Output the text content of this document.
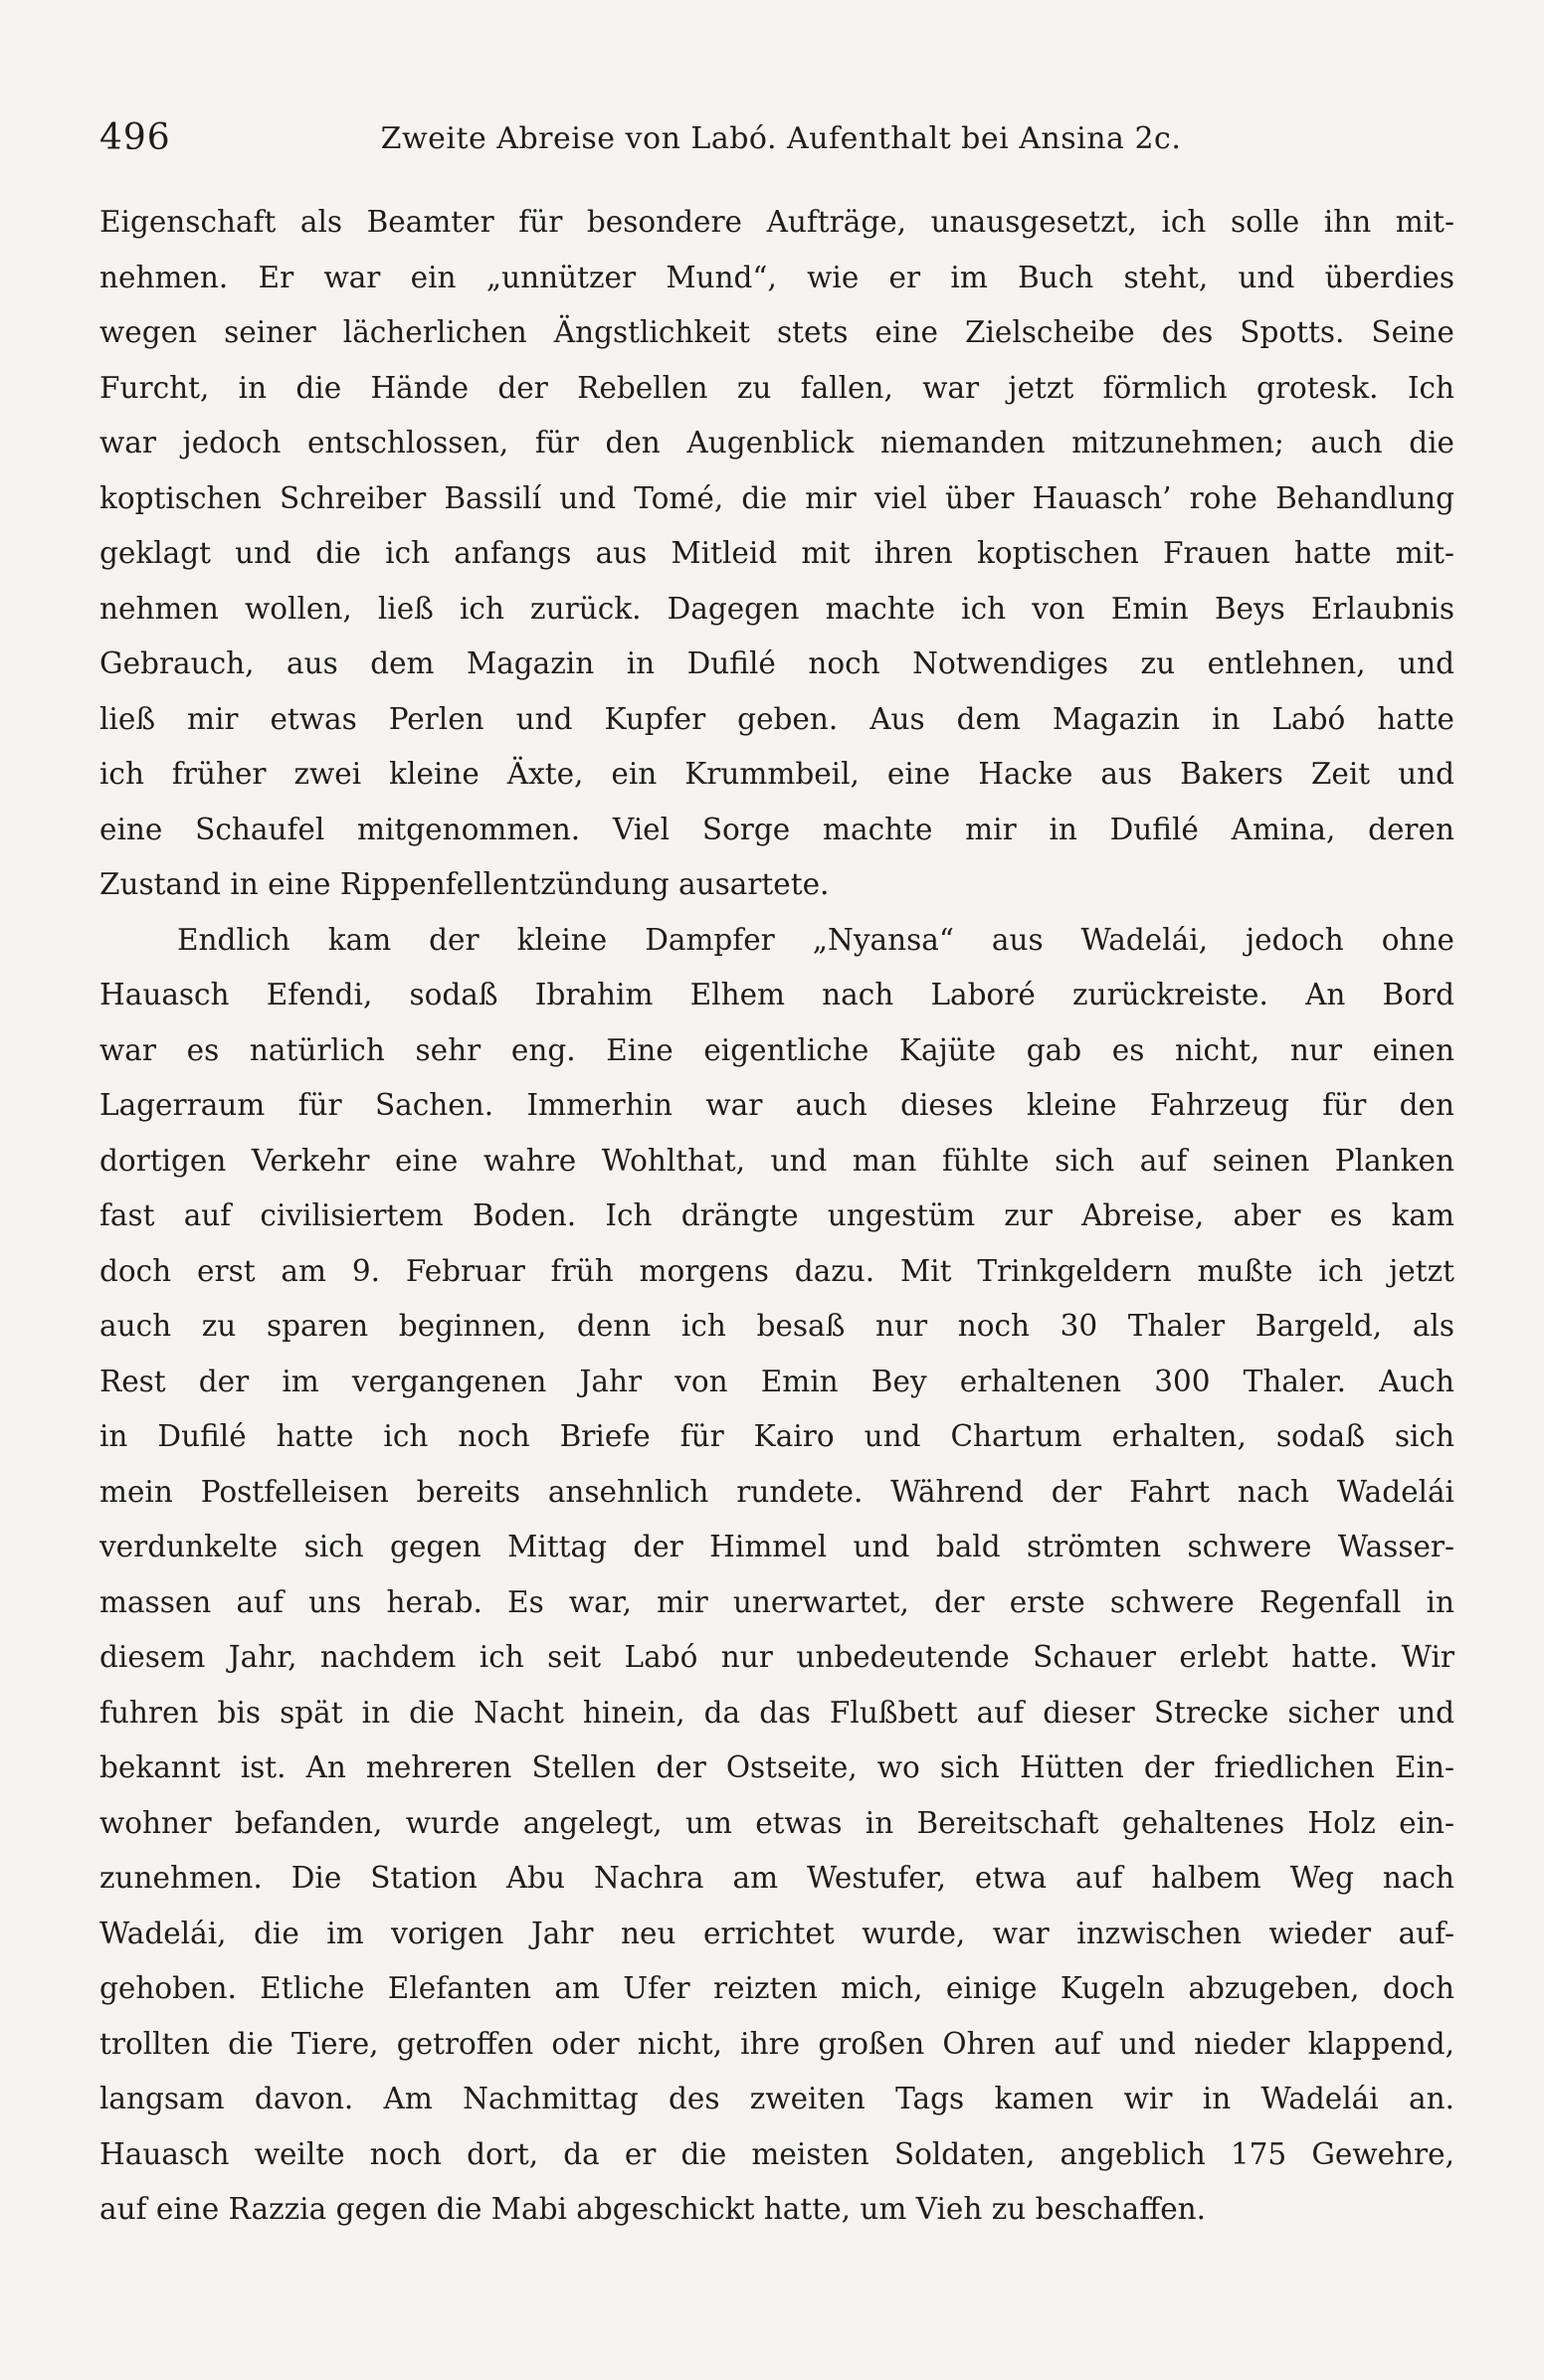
496	Zweite Abreise von Labó. Aufenthalt bei Ansina 2c.
Eigenschaft als Beamter für besondere Aufträge, unausgesetzt, ich solle ihn mit-
nehmen. Er war ein „unnützer Mund“, wie er im Buch steht, und überdies
wegen seiner lächerlichen Ängstlichkeit stets eine Zielscheibe des Spotts. Seine
Furcht, in die Hände der Rebellen zu fallen, war jetzt förmlich grotesk. Ich
war jedoch entschlossen, für den Augenblick niemanden mitzunehmen; auch die
koptischen Schreiber Bassilí und Tomé, die mir viel über Hauasch’ rohe Behandlung
geklagt und die ich anfangs aus Mitleid mit ihren koptischen Frauen hatte mit-
nehmen wollen, ließ ich zurück. Dagegen machte ich von Emin Beys Erlaubnis
Gebrauch, aus dem Magazin in Dufilé noch Notwendiges zu entlehnen, und
ließ mir etwas Perlen und Kupfer geben. Aus dem Magazin in Labó hatte
ich früher zwei kleine Äxte, ein Krummbeil, eine Hacke aus Bakers Zeit und
eine Schaufel mitgenommen. Viel Sorge machte mir in Dufilé Amina, deren
Zustand in eine Rippenfellentzündung ausartete.
Endlich kam der kleine Dampfer „Nyansa“ aus Wadelái, jedoch ohne
Hauasch Efendi, sodaß Ibrahim Elhem nach Laboré zurückreiste. An Bord
war es natürlich sehr eng. Eine eigentliche Kajüte gab es nicht, nur einen
Lagerraum für Sachen. Immerhin war auch dieses kleine Fahrzeug für den
dortigen Verkehr eine wahre Wohlthat, und man fühlte sich auf seinen Planken
fast auf civilisiertem Boden. Ich drängte ungestüm zur Abreise, aber es kam
doch erst am 9. Februar früh morgens dazu. Mit Trinkgeldern mußte ich jetzt
auch zu sparen beginnen, denn ich besaß nur noch 30 Thaler Bargeld, als
Rest der im vergangenen Jahr von Emin Bey erhaltenen 300 Thaler. Auch
in Dufilé hatte ich noch Briefe für Kairo und Chartum erhalten, sodaß sich
mein Postfelleisen bereits ansehnlich rundete. Während der Fahrt nach Wadelái
verdunkelte sich gegen Mittag der Himmel und bald strömten schwere Wasser-
massen auf uns herab. Es war, mir unerwartet, der erste schwere Regenfall in
diesem Jahr, nachdem ich seit Labó nur unbedeutende Schauer erlebt hatte. Wir
fuhren bis spät in die Nacht hinein, da das Flußbett auf dieser Strecke sicher und
bekannt ist. An mehreren Stellen der Ostseite, wo sich Hütten der friedlichen Ein-
wohner befanden, wurde angelegt, um etwas in Bereitschaft gehaltenes Holz ein-
zunehmen. Die Station Abu Nachra am Westufer, etwa auf halbem Weg nach
Wadelái, die im vorigen Jahr neu errichtet wurde, war inzwischen wieder auf-
gehoben. Etliche Elefanten am Ufer reizten mich, einige Kugeln abzugeben, doch
trollten die Tiere, getroffen oder nicht, ihre großen Ohren auf und nieder klappend,
langsam davon. Am Nachmittag des zweiten Tags kamen wir in Wadelái an.
Hauasch weilte noch dort, da er die meisten Soldaten, angeblich 175 Gewehre,
auf eine Razzia gegen die Mabi abgeschickt hatte, um Vieh zu beschaffen.
